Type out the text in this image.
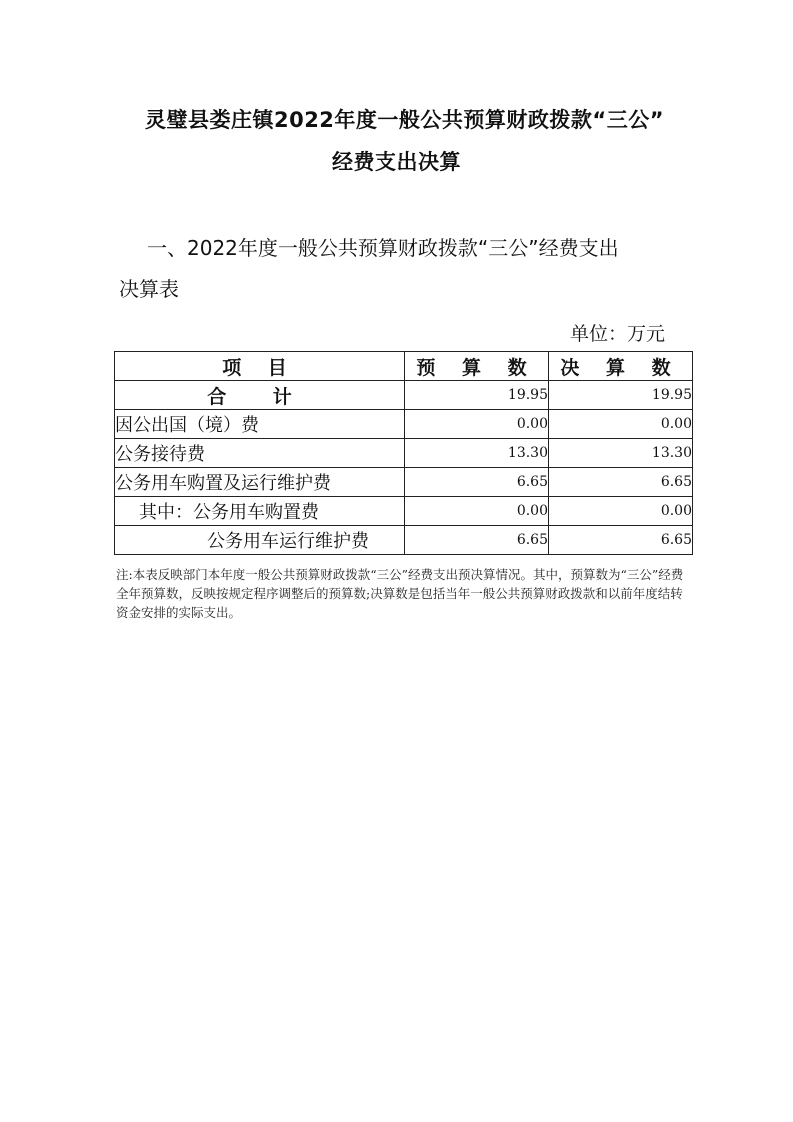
灵璧县娄庄镇2022年度一般公共预算财政拨款“三公”
经费支出决算
一、2022年度一般公共预算财政拨款“三公”经费支出
决算表
单位：万元
项 目	预 算 数	决 算 数
合 计	19.95	19.95
因公出国（境）费	0.00	0.00
公务接待费	13.30	13.30
公务用车购置及运行维护费	6.65	6.65
其中：公务用车购置费	0.00	0.00
公务用车运行维护费	6.65	6.65
注:本表反映部门本年度一般公共预算财政拨款“三公”经费支出预决算情况。其中，预算数为“三公”经费全年预算数，反映按规定程序调整后的预算数;决算数是包括当年一般公共预算财政拨款和以前年度结转资金安排的实际支出。
